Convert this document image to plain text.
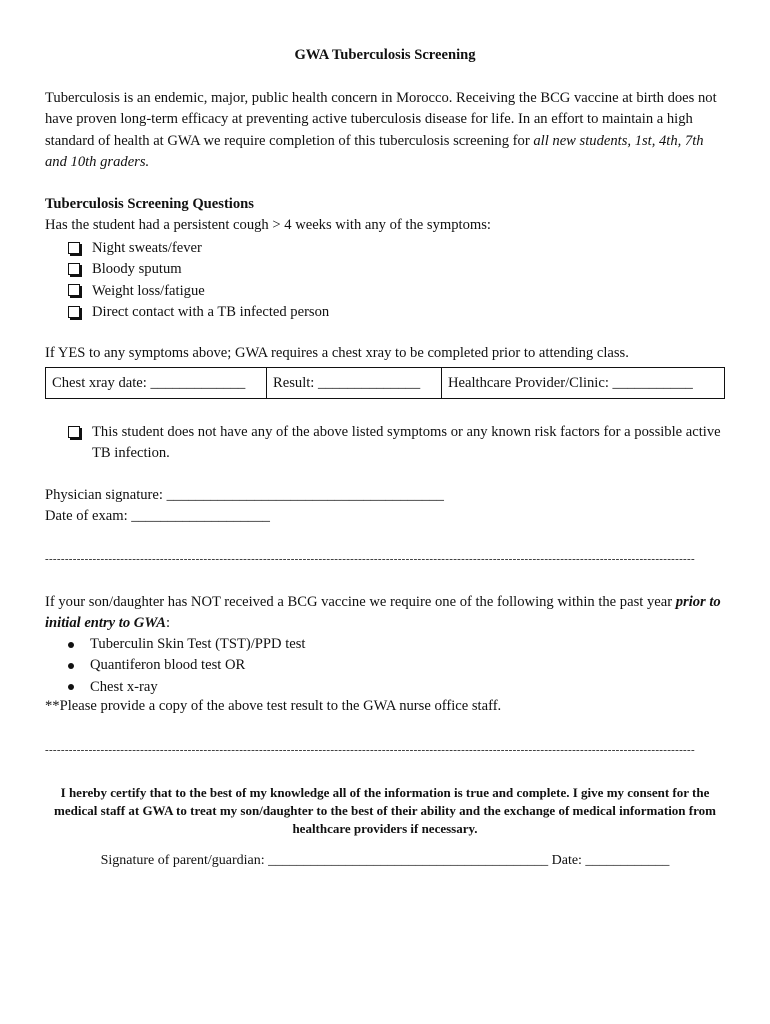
GWA Tuberculosis Screening
Tuberculosis is an endemic, major, public health concern in Morocco. Receiving the BCG vaccine at birth does not have proven long-term efficacy at preventing active tuberculosis disease for life. In an effort to maintain a high standard of health at GWA we require completion of this tuberculosis screening for all new students, 1st, 4th, 7th and 10th graders.
Tuberculosis Screening Questions
Has the student had a persistent cough > 4 weeks with any of the symptoms:
Night sweats/fever
Bloody sputum
Weight loss/fatigue
Direct contact with a TB infected person
If YES to any symptoms above; GWA requires a chest xray to be completed prior to attending class.
Chest xray date: _____________	Result: ______________	Healthcare Provider/Clinic: ___________
This student does not have any of the above listed symptoms or any known risk factors for a possible active TB infection.
Physician signature: ______________________________________
Date of exam: ___________________
--------------------------------------------------------------------------------------------------------------------------------------------------------------------
If your son/daughter has NOT received a BCG vaccine we require one of the following within the past year prior to initial entry to GWA:
Tuberculin Skin Test (TST)/PPD test
Quantiferon blood test OR
Chest x-ray
**Please provide a copy of the above test result to the GWA nurse office staff.
--------------------------------------------------------------------------------------------------------------------------------------------------------------------
I hereby certify that to the best of my knowledge all of the information is true and complete. I give my consent for the medical staff at GWA to treat my son/daughter to the best of their ability and the exchange of medical information from healthcare providers if necessary.
Signature of parent/guardian: ________________________________________ Date: ____________
